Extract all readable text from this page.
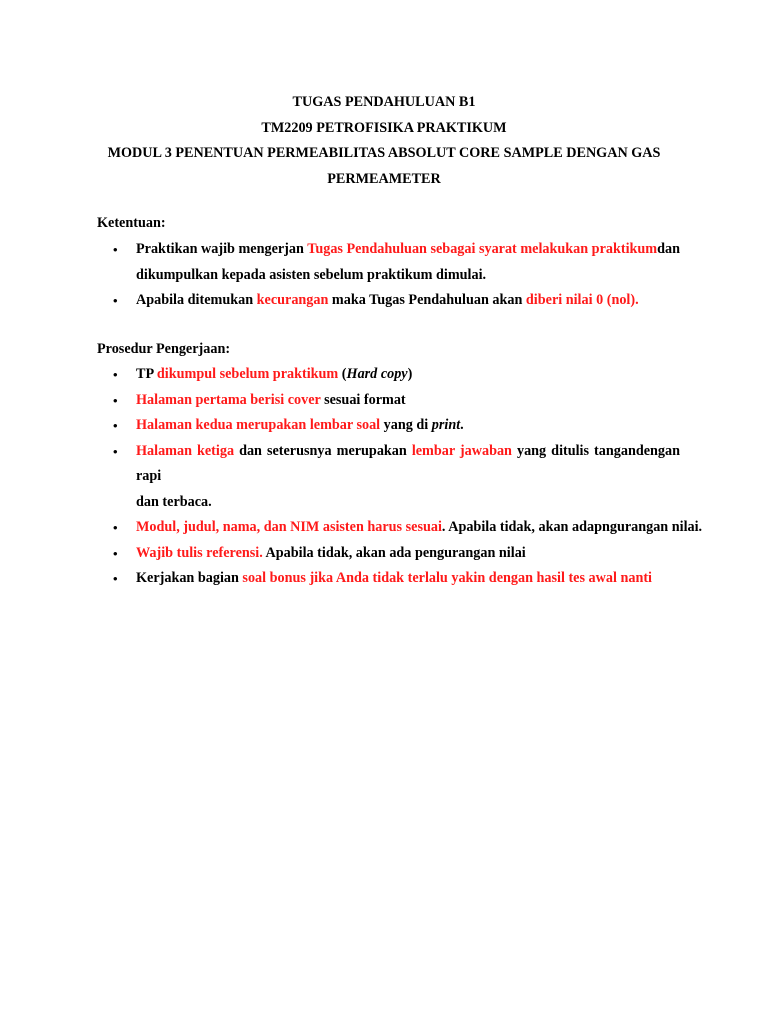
TUGAS PENDAHULUAN B1
TM2209 PETROFISIKA PRAKTIKUM
MODUL 3 PENENTUAN PERMEABILITAS ABSOLUT CORE SAMPLE DENGAN GAS
PERMEAMETER
Ketentuan:
• Praktikan wajib mengerjan Tugas Pendahuluan sebagai syarat melakukan praktikumdan
dikumpulkan kepada asisten sebelum praktikum dimulai.
• Apabila ditemukan kecurangan maka Tugas Pendahuluan akan diberi nilai 0 (nol).
Prosedur Pengerjaan:
• TP dikumpul sebelum praktikum (Hard copy)
• Halaman pertama berisi cover sesuai format
• Halaman kedua merupakan lembar soal yang di print.
• Halaman ketiga dan seterusnya merupakan lembar jawaban yang ditulis tangandengan rapi
dan terbaca.
• Modul, judul, nama, dan NIM asisten harus sesuai. Apabila tidak, akan adapngurangan nilai.
• Wajib tulis referensi. Apabila tidak, akan ada pengurangan nilai
• Kerjakan bagian soal bonus jika Anda tidak terlalu yakin dengan hasil tes awal nanti
